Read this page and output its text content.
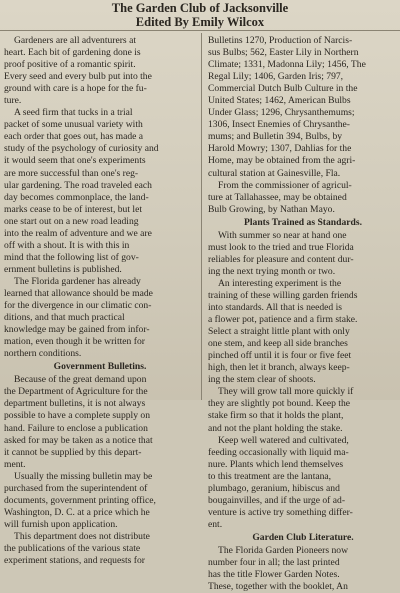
The Garden Club of Jacksonville
Edited By Emily Wilcox

Gardeners are all adventurers at
heart. Each bit of gardening done is
proof positive of a romantic spirit.
Every seed and every bulb put into the
ground with care is a hope for the fu-
ture.

A seed firm that tucks in a trial
packet of some unusual variety with
each order that goes out, has made a
study of the psychology of curiosity and
it would seem that one's experiments
are more successful than one's reg-
ular gardening. The road traveled each
day becomes commonplace, the land-

marks cease to be of interest, but let
one start out on a new road leading
into the realm of adventure and we are
off with a shout. It is with this in
mind that the following list of gov-
ernment bulletins is published.

The Florida gardener has already
learned that allowance should be made
for the divergence in our climatic con-
ditions, and that much practical
knowledge may be gained from infor-
mation, even though it be written for
northern conditions.

Government Bulletins.

Because of the great demand upon
the Department of Agriculture for the
department bulletins, it is not always
possible to have a complete supply on
hand. Failure to enclose a publication
asked for may be taken as a notice that
it cannot be supplied by this depart-
ment.

Usually the missing bulletin may be
purchased from the superintendent of
documents, government printing office,
Washington, D. C. at a price which he
will furnish upon application.

This department does not distribute
the publications of the various state
experiment stations, and requests for

Bulletins 1270, Production of Narcis-
sus Bulbs; 562, Easter Lily in Northern
Climate; 1331, Madonna Lily; 1456, The
Regal Lily; 1406, Garden Iris; 797,
Commercial Dutch Bulb Culture in the
United States; 1462, American Bulbs
Under Glass; 1296, Chrysanthemums;
1306, Insect Enemies of Chrysanthe-
mums; and Bulletin 394, Bulbs, by
Harold Mowry; 1307, Dahlias for the
Home, may be obtained from the agri-
cultural station at Gainesville, Fla.

From the commissioner of agricul-
ture at Tallahassee, may be obtained
Bulb Growing, by Nathan Mayo.

Plants Trained as Standards.

With summer so near at hand one
must look to the tried and true Florida
reliables for pleasure and content dur-
ing the next trying month or two.

An interesting experiment is the
training of these willing garden friends
into standards. All that is needed is
a flower pot, patience and a firm stake.
Select a straight little plant with only
one stem, and keep all side branches
pinched off until it is four or five feet
high, then let it branch, always keep-
ing the stem clear of shoots.

They will grow tall more quickly if
they are slightly pot bound. Keep the
stake firm so that it holds the plant,
and not the plant holding the stake.

Keep well watered and cultivated,
feeding occasionally with liquid ma-
nure. Plants which lend themselves
to this treatment are the lantana,
plumbago, geranium, hibiscus and

bougainvilles, and if the urge of ad-
venture is active try something differ-
ent.

Garden Club Literature.

The Florida Garden Pioneers now
number four in all; the last printed
has the title Flower Garden Notes.
These, together with the booklet, An
